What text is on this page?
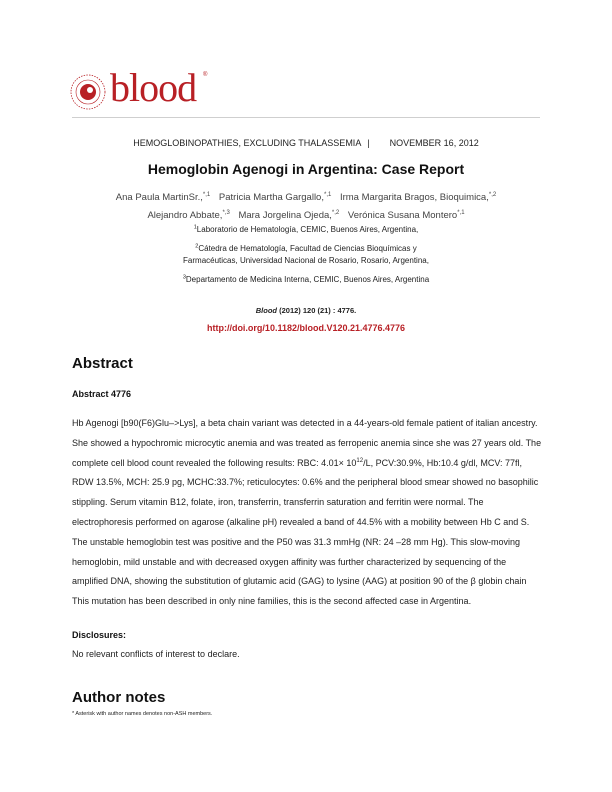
blood ®
HEMOGLOBINOPATHIES, EXCLUDING THALASSEMIA | NOVEMBER 16, 2012
Hemoglobin Agenogi in Argentina: Case Report
Ana Paula MartinSr.,$^{*,1}$ Patricia Martha Gargallo,$^{*,1}$ Irma Margarita Bragos, Bioquimica,$^{*,2}$
Alejandro Abbate,$^{*,3}$ Mara Jorgelina Ojeda,$^{*,2}$ Verónica Susana Montero$^{*,1}$
$^1$Laboratorio de Hematología, CEMIC, Buenos Aires, Argentina,
$^2$Cátedra de Hematología, Facultad de Ciencias Bioquímicas y
Farmacéuticas, Universidad Nacional de Rosario, Rosario, Argentina,
$^3$Departamento de Medicina Interna, CEMIC, Buenos Aires, Argentina
Blood (2012) 120 (21) : 4776.
http://doi.org/10.1182/blood.V120.21.4776.4776
Abstract
Abstract 4776

Hb Agenogi [b90(F6)Glu–>Lys], a beta chain variant was detected in a 44-years-old female patient of italian ancestry. She showed a hypochromic microcytic anemia and was treated as ferropenic anemia since she was 27 years old. The complete cell blood count revealed the following results: RBC: $4.01\times 10^{12}/L$, PCV:30.9%, Hb:10.4 g/dl, MCV: 77fl, RDW 13.5%, MCH: 25.9 pg, MCHC:33.7%; reticulocytes: 0.6% and the peripheral blood smear showed no basophilic stippling. Serum vitamin B12, folate, iron, transferrin, transferrin saturation and ferritin were normal. The electrophoresis performed on agarose (alkaline pH) revealed a band of 44.5% with a mobility between Hb C and S. The unstable hemoglobin test was positive and the P50 was 31.3 mmHg (NR: 24 –28 mm Hg). This slow-moving hemoglobin, mild unstable and with decreased oxygen affinity was further characterized by sequencing of the amplified DNA, showing the substitution of glutamic acid (GAG) to lysine (AAG) at position 90 of the β globin chain This mutation has been described in only nine families, this is the second affected case in Argentina.

Disclosures:
No relevant conflicts of interest to declare.
Author notes
* Asterisk with author names denotes non-ASH members.
